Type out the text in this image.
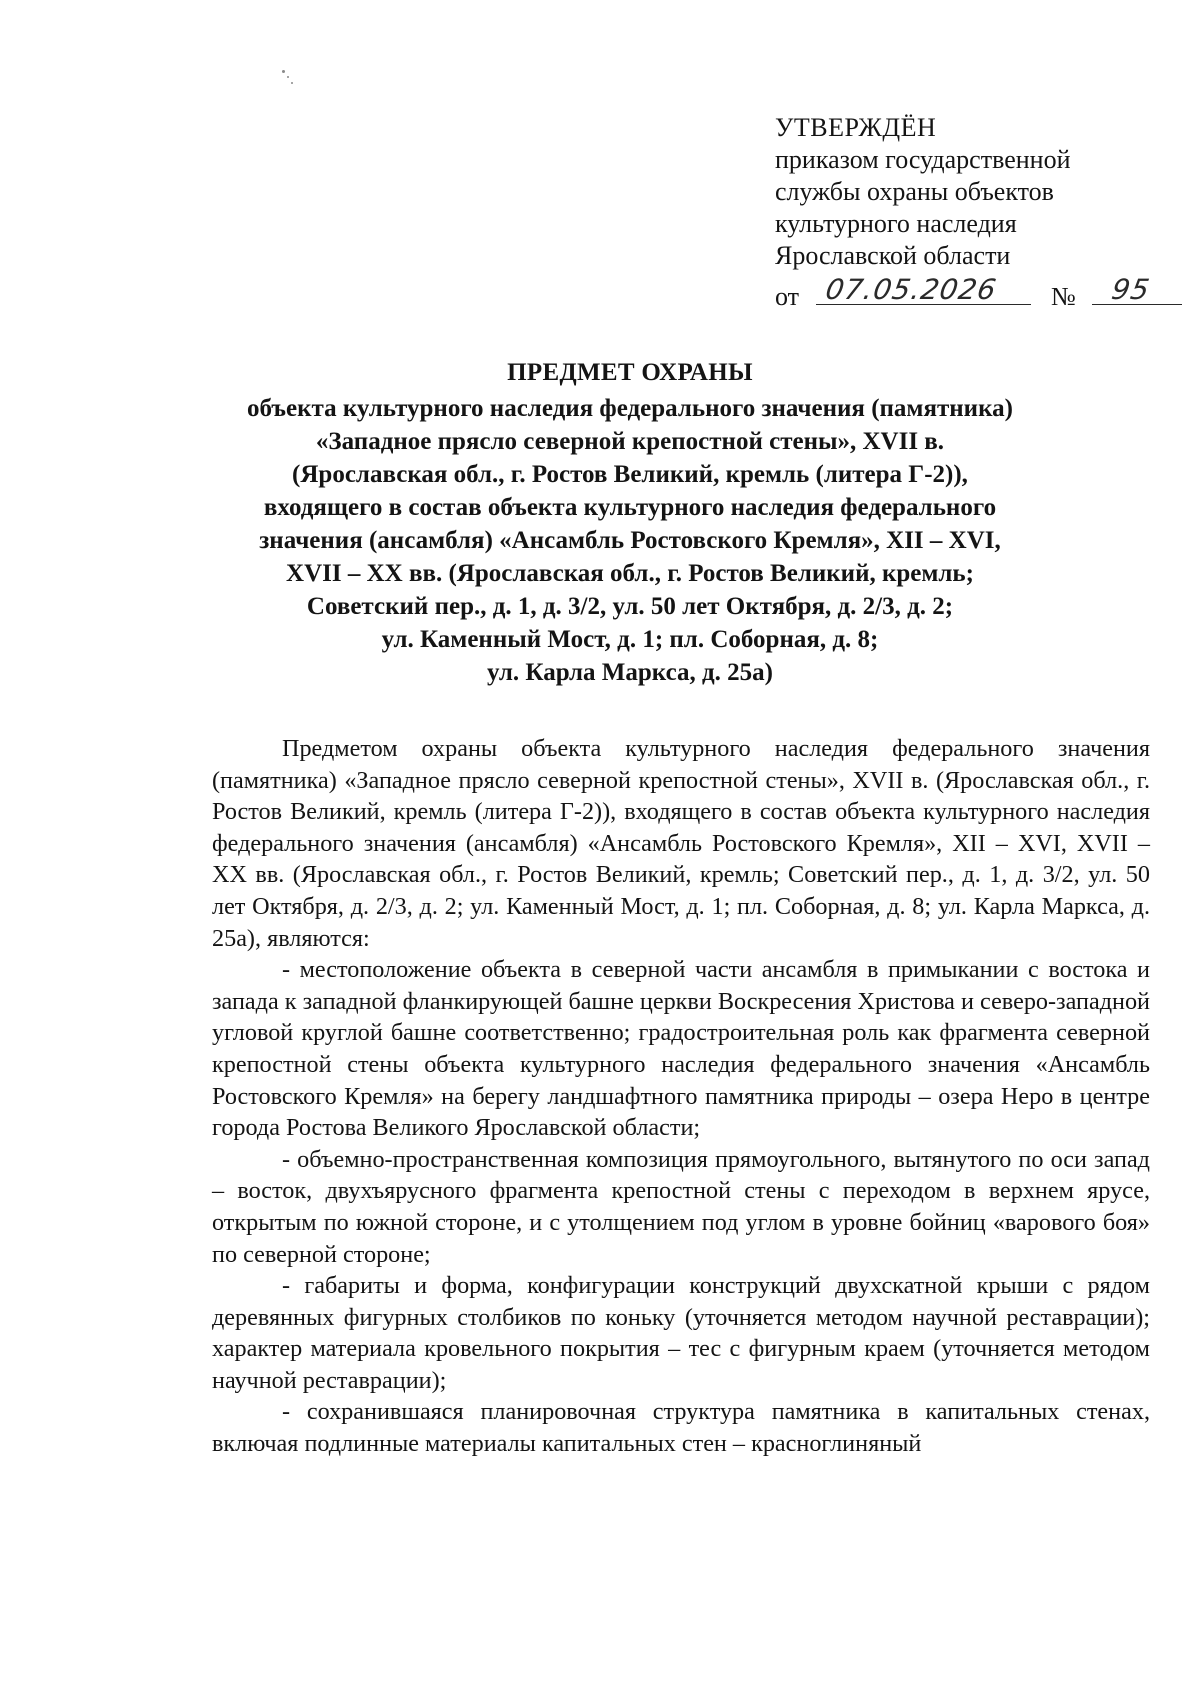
УТВЕРЖДЁН
приказом государственной
службы охраны объектов
культурного наследия
Ярославской области
от 07.05.2026 № 95
ПРЕДМЕТ ОХРАНЫ
объекта культурного наследия федерального значения (памятника)
«Западное прясло северной крепостной стены», XVII в.
(Ярославская обл., г. Ростов Великий, кремль (литера Г-2)),
входящего в состав объекта культурного наследия федерального
значения (ансамбля) «Ансамбль Ростовского Кремля», XII – XVI,
XVII – XX вв. (Ярославская обл., г. Ростов Великий, кремль;
Советский пер., д. 1, д. 3/2, ул. 50 лет Октября, д. 2/3, д. 2;
ул. Каменный Мост, д. 1; пл. Соборная, д. 8;
ул. Карла Маркса, д. 25а)

Предметом охраны объекта культурного наследия федерального значения (памятника) «Западное прясло северной крепостной стены», XVII в. (Ярославская обл., г. Ростов Великий, кремль (литера Г-2)), входящего в состав объекта культурного наследия федерального значения (ансамбля) «Ансамбль Ростовского Кремля», XII – XVI, XVII – XX вв. (Ярославская обл., г. Ростов Великий, кремль; Советский пер., д. 1, д. 3/2, ул. 50 лет Октября, д. 2/3, д. 2; ул. Каменный Мост, д. 1; пл. Соборная, д. 8; ул. Карла Маркса, д. 25а), являются:

- местоположение объекта в северной части ансамбля в примыкании с востока и запада к западной фланкирующей башне церкви Воскресения Христова и северо-западной угловой круглой башне соответственно; градостроительная роль как фрагмента северной крепостной стены объекта культурного наследия федерального значения «Ансамбль Ростовского Кремля» на берегу ландшафтного памятника природы – озера Неро в центре города Ростова Великого Ярославской области;

- объемно-пространственная композиция прямоугольного, вытянутого по оси запад – восток, двухъярусного фрагмента крепостной стены с переходом в верхнем ярусе, открытым по южной стороне, и с утолщением под углом в уровне бойниц «варового боя» по северной стороне;

- габариты и форма, конфигурации конструкций двухскатной крыши с рядом деревянных фигурных столбиков по коньку (уточняется методом научной реставрации); характер материала кровельного покрытия – тес с фигурным краем (уточняется методом научной реставрации);

- сохранившаяся планировочная структура памятника в капитальных стенах, включая подлинные материалы капитальных стен – красноглиняный
